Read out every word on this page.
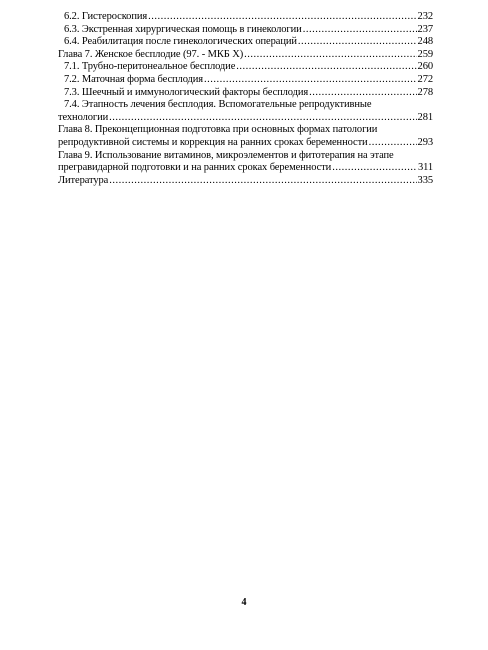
6.2. Гистероскопия .....	232
6.3. Экстренная хирургическая помощь в гинекологии .....	237
6.4. Реабилитация после гинекологических операций .....	248
Глава 7. Женское бесплодие (97. - МКБ X) .....	259
7.1. Трубно-перитонеальное бесплодие .....	260
7.2. Маточная форма бесплодия .....	272
7.3. Шеечный и иммунологический факторы бесплодия .....	278
7.4. Этапность лечения бесплодия. Вспомогательные репродуктивные
технологии .....	281
Глава 8. Преконцепционная подготовка при основных формах патологии
репродуктивной системы и коррекция на ранних сроках беременности .....	293
Глава 9. Использование витаминов, микроэлементов и фитотерапия на этапе
прегравидарной подготовки и на ранних сроках беременности .....	311
Литература .....	335
4
